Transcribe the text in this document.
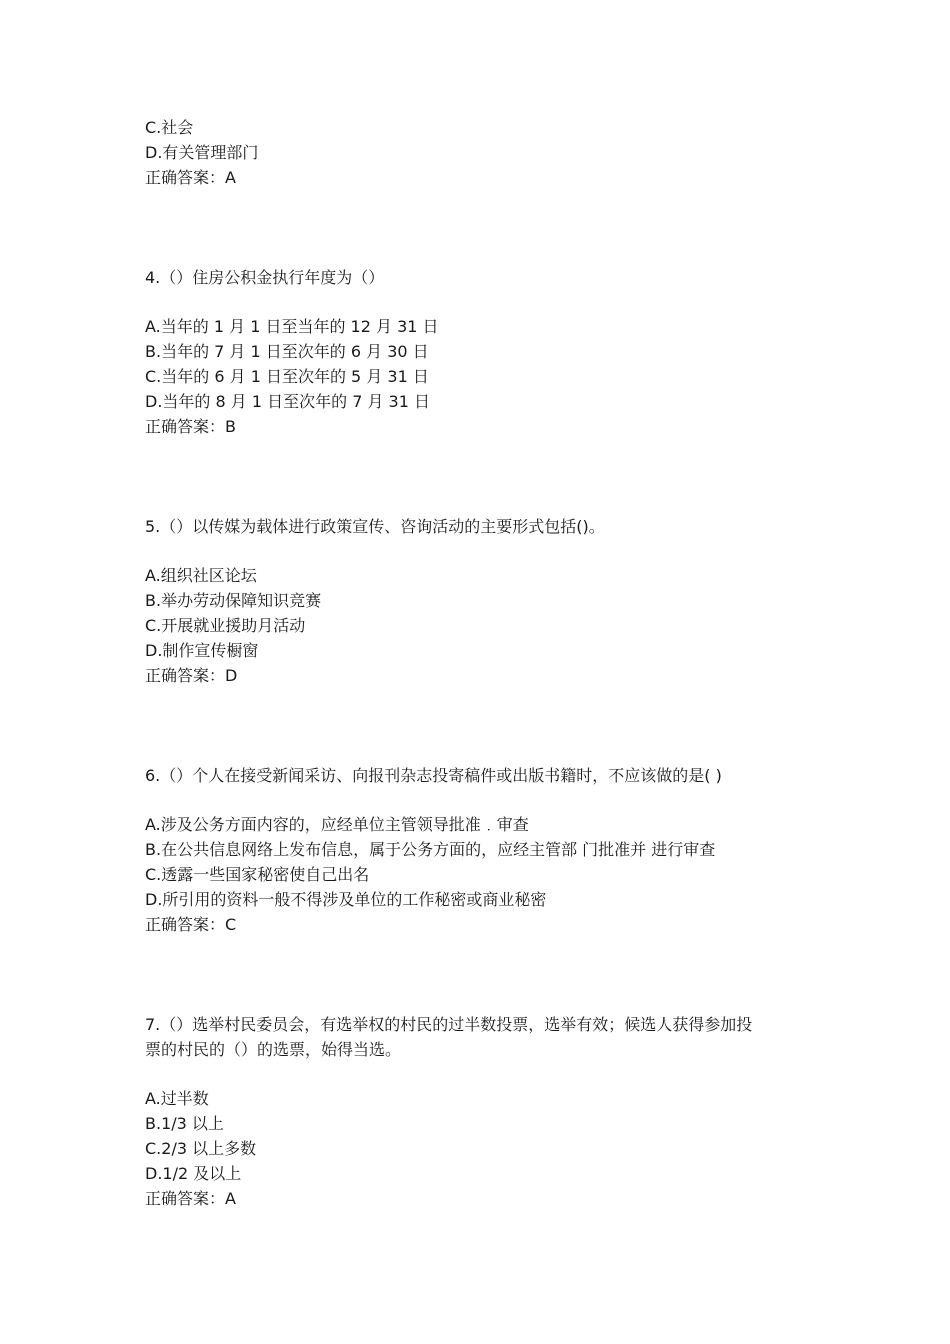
C.社会
D.有关管理部门
正确答案：A
4.（）住房公积金执行年度为（）
A.当年的 1 月 1 日至当年的 12 月 31 日
B.当年的 7 月 1 日至次年的 6 月 30 日
C.当年的 6 月 1 日至次年的 5 月 31 日
D.当年的 8 月 1 日至次年的 7 月 31 日
正确答案：B
5.（）以传媒为载体进行政策宣传、咨询活动的主要形式包括()。
A.组织社区论坛
B.举办劳动保障知识竞赛
C.开展就业援助月活动
D.制作宣传橱窗
正确答案：D
6.（）个人在接受新闻采访、向报刊杂志投寄稿件或出版书籍时，不应该做的是( )
A.涉及公务方面内容的，应经单位主管领导批准﹒审查
B.在公共信息网络上发布信息，属于公务方面的，应经主管部 门批准并 进行审查
C.透露一些国家秘密使自己出名
D.所引用的资料一般不得涉及单位的工作秘密或商业秘密
正确答案：C
7.（）选举村民委员会，有选举权的村民的过半数投票，选举有效；候选人获得参加投
票的村民的（）的选票，始得当选。
A.过半数
B.1/3 以上
C.2/3 以上多数
D.1/2 及以上
正确答案：A
